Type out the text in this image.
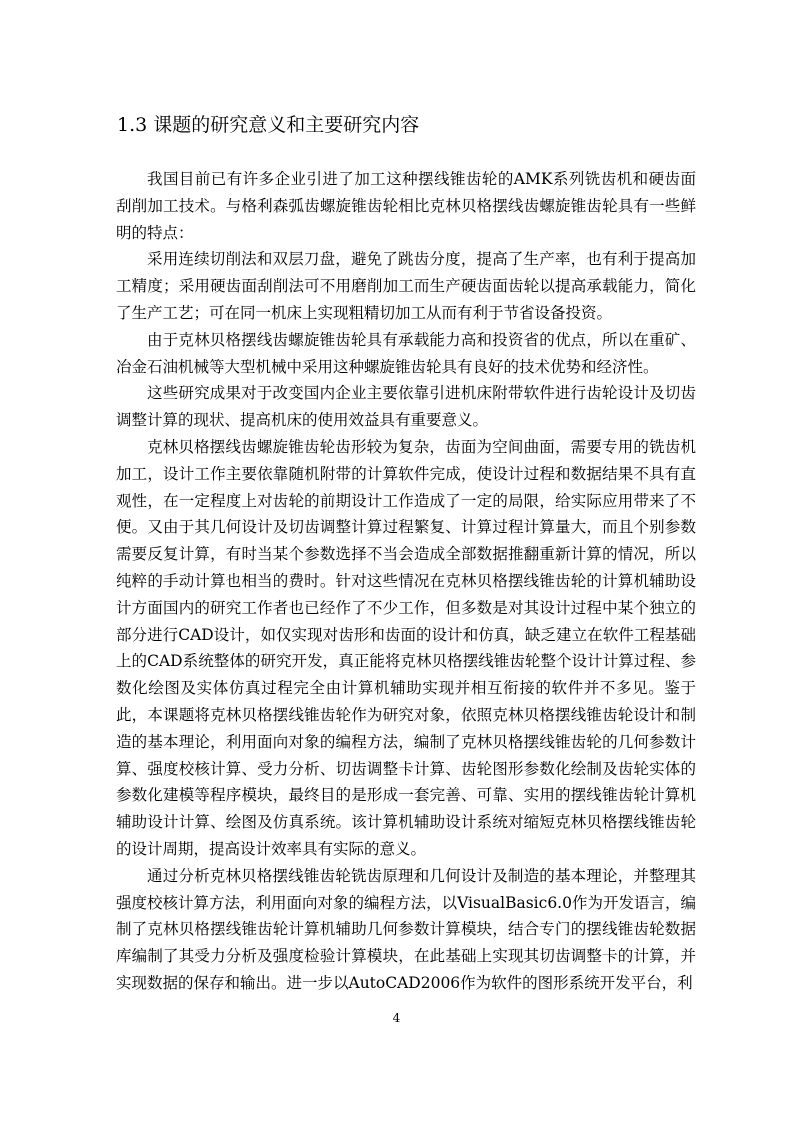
1.3 课题的研究意义和主要研究内容

我国目前已有许多企业引进了加工这种摆线锥齿轮的AMK系列铣齿机和硬齿面刮削加工技术。与格利森弧齿螺旋锥齿轮相比克林贝格摆线齿螺旋锥齿轮具有一些鲜明的特点：

采用连续切削法和双层刀盘，避免了跳齿分度，提高了生产率，也有利于提高加工精度；采用硬齿面刮削法可不用磨削加工而生产硬齿面齿轮以提高承载能力，简化了生产工艺；可在同一机床上实现粗精切加工从而有利于节省设备投资。

由于克林贝格摆线齿螺旋锥齿轮具有承载能力高和投资省的优点，所以在重矿、冶金石油机械等大型机械中采用这种螺旋锥齿轮具有良好的技术优势和经济性。

这些研究成果对于改变国内企业主要依靠引进机床附带软件进行齿轮设计及切齿调整计算的现状、提高机床的使用效益具有重要意义。

克林贝格摆线齿螺旋锥齿轮齿形较为复杂，齿面为空间曲面，需要专用的铣齿机加工，设计工作主要依靠随机附带的计算软件完成，使设计过程和数据结果不具有直观性，在一定程度上对齿轮的前期设计工作造成了一定的局限，给实际应用带来了不便。又由于其几何设计及切齿调整计算过程繁复、计算过程计算量大，而且个别参数需要反复计算，有时当某个参数选择不当会造成全部数据推翻重新计算的情况，所以纯粹的手动计算也相当的费时。针对这些情况在克林贝格摆线锥齿轮的计算机辅助设计方面国内的研究工作者也已经作了不少工作，但多数是对其设计过程中某个独立的部分进行CAD设计，如仅实现对齿形和齿面的设计和仿真，缺乏建立在软件工程基础上的CAD系统整体的研究开发，真正能将克林贝格摆线锥齿轮整个设计计算过程、参数化绘图及实体仿真过程完全由计算机辅助实现并相互衔接的软件并不多见。鉴于此，本课题将克林贝格摆线锥齿轮作为研究对象，依照克林贝格摆线锥齿轮设计和制造的基本理论，利用面向对象的编程方法，编制了克林贝格摆线锥齿轮的几何参数计算、强度校核计算、受力分析、切齿调整卡计算、齿轮图形参数化绘制及齿轮实体的参数化建模等程序模块，最终目的是形成一套完善、可靠、实用的摆线锥齿轮计算机辅助设计计算、绘图及仿真系统。该计算机辅助设计系统对缩短克林贝格摆线锥齿轮的设计周期，提高设计效率具有实际的意义。

通过分析克林贝格摆线锥齿轮铣齿原理和几何设计及制造的基本理论，并整理其强度校核计算方法，利用面向对象的编程方法，以VisualBasic6.0作为开发语言，编制了克林贝格摆线锥齿轮计算机辅助几何参数计算模块，结合专门的摆线锥齿轮数据库编制了其受力分析及强度检验计算模块，在此基础上实现其切齿调整卡的计算，并实现数据的保存和输出。进一步以AutoCAD2006作为软件的图形系统开发平台，利

4
